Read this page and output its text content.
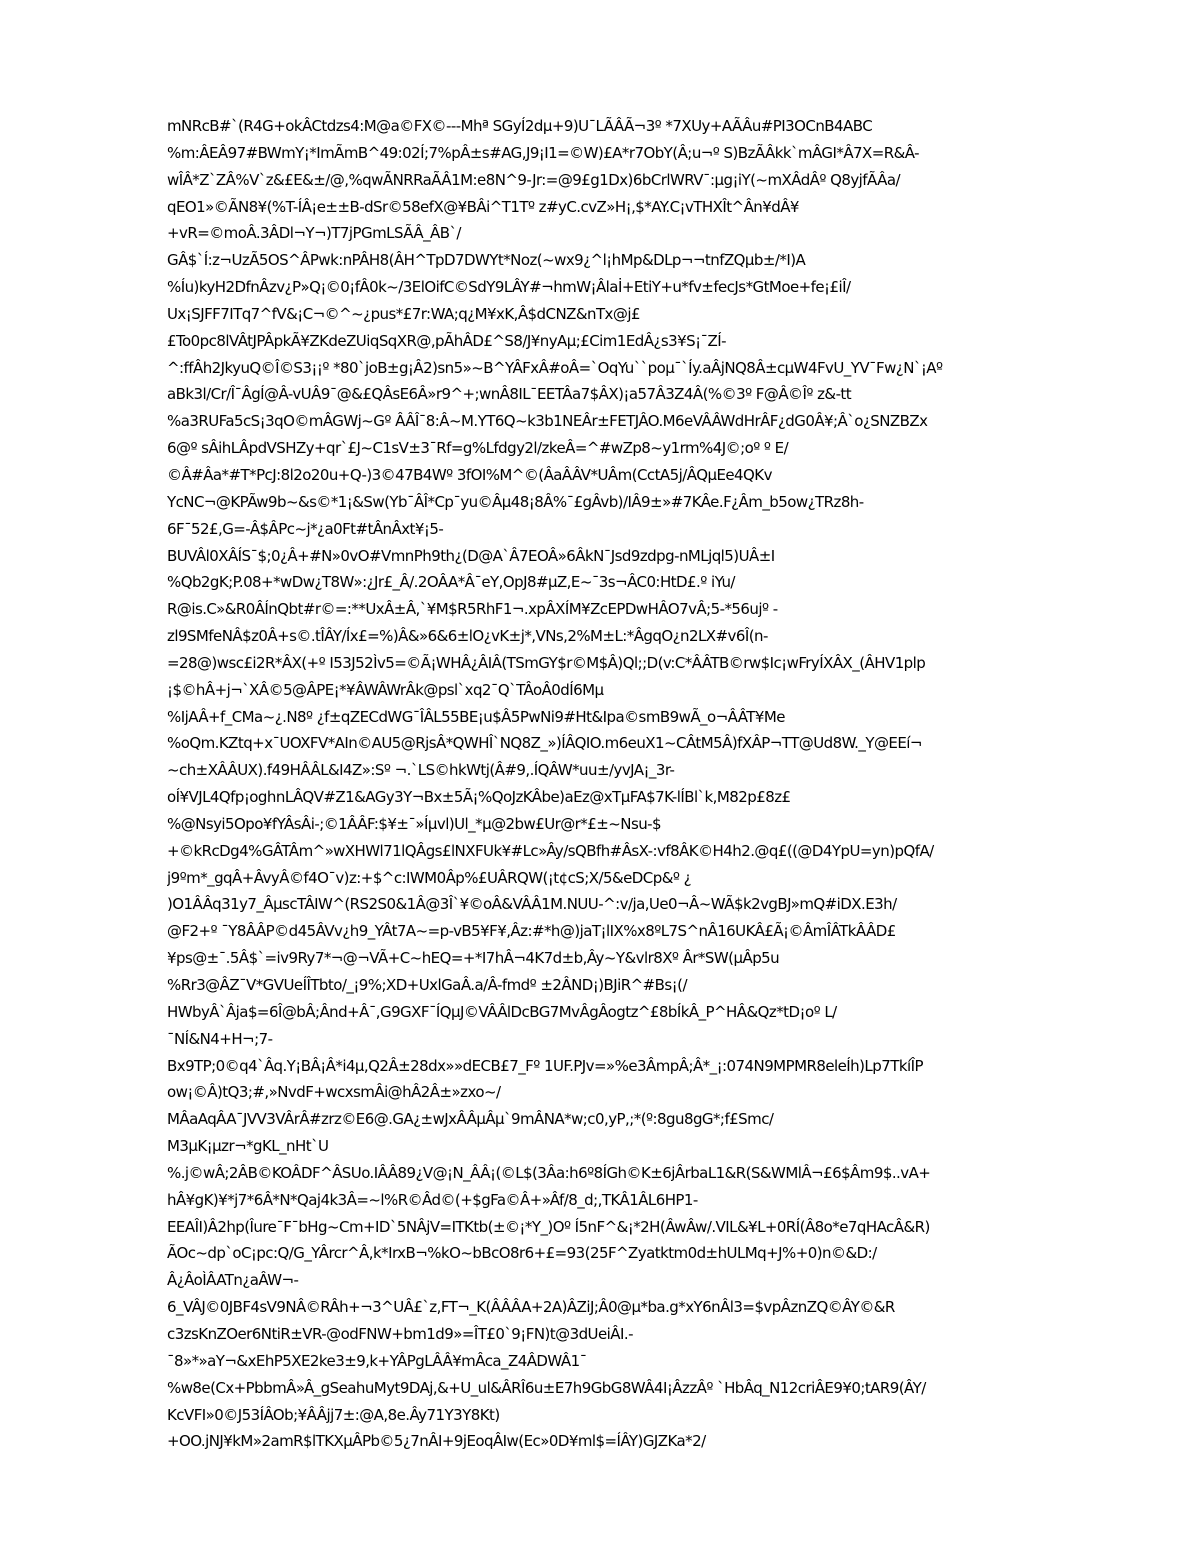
mNRcB#`(R4G+okÂCtdzs4:M@a©FX©---Mhª SGyÍ2dµ+9)U¯LÃÂÃ¬3º *7XUy+AÃÂu#PI3OCnB4ABC
%m:ÂEÂ97#BWmY¡*ImÃmB^49:02Í;7%pÂ±s#AG,J9¡I1=©W)£A*r7ObY(Â;u¬º S)BzÃÂkk`mÂGI*Â7X=R&Â-
wÎÂ*Z`ZÂ%V`z&£E&±/@,%qwÃNRRaÃÂ1M:e8N^9-Jr:=@9£g1Dx)6bCrlWRV¯:µg¡iY(~mXÂdÂº Q8yjfÃÂa/
qEO1»©ÃN8¥(%T-ÍÂ¡e±±B-dSr©58efX@¥BÂi^T1Tº z#yC.cvZ»H¡,$*AY.C¡vTHXÎt^Ân¥dÂ¥
+vR=©moÂ.3ÂDl¬Y¬)T7jPGmLSÃÂ_ÂB`/
GÂ$`Í:z¬UzÃ5OS^ÂPwk:nPÂH8(ÂH^TpD7DWYt*Noz(~wx9¿^l¡hMp&DLp¬¬tnfZQµb±/*I)A
%Íu)kyH2DfnÂzv¿P»Q¡©0¡fÂ0k~/3ElOifC©SdY9LÂY#¬hmW¡Âlaİ+EtiY+u*fv±fecJs*GtMoe+fe¡£iÎ/
Ux¡SJFF7ITq7^fV&¡C¬©^~¿pus*£7r:WA;q¿M¥xK,Â$dCNZ&nTx@j£
£To0pc8lVÂtJPÂpkÃ¥ZKdeZUiqSqXR@,pÃhÂD£^S8/J¥nyAµ;£Cim1EdÂ¿s3¥S¡¯ZÍ-
^:ffÂh2JkyuQ©Î©S3¡¡º *80`joB±g¡Â2)sn5»~B^YÂFxÂ#oÂ=`OqYu``poµ¯`Íy.aÂjNQ8Â±cµW4FvU_YV¯Fw¿N`¡Aº
aBk3l/Cr/Î¯ÂgÍ@Â-vUÂ9¯@&£QÂsE6Â»r9^+;wnÂ8IL¯EETÂa7$ÂX)¡a57Â3Z4Â(%©3º F@Â©Îº z&-tt
%a3RUFa5cS¡3qO©mÂGWj~Gº ÂÂÎ¯8:Â~M.YT6Q~k3b1NEÂr±FETJÂO.M6eVÂÂWdHrÂF¿dG0Â¥;Â`o¿SNZBZx
6@º sÂihLÂpdVSHZy+qr`£J~C1sV±3¯Rf=g%Lfdgy2l/zkeÂ=^#wZp8~y1rm%4J©;oº º E/
©Â#Âa*#T*PcJ:8l2o20u+Q-)3©47B4Wº 3fOI%M^©(ÂaÂÂV*UÂm(CctA5j/ÂQµEe4QKv
YcNC¬@KPÃw9b~&s©*1¡&Sw(Yb¯ÂÎ*Cp¯yu©Âµ48¡8Â%¯£gÂvb)/IÂ9±»#7KÂe.F¿Âm_b5ow¿TRz8h-
6F¯52£,G=-Â$ÂPc~j*¿a0Ft#tÂnÂxt¥¡5-
BUVÂl0XÂÍS¯$;0¿Â+#N»0vO#VmnPh9th¿(D@A`Â7EOÂ»6ÂkN¯Jsd9zdpg-nMLjql5)UÂ±I
%Qb2gK;P.08+*wDw¿T8W»:¿Jr£_Â/.2OÂA*Â¯eY,OpJ8#µZ,E~¯3s¬ÂC0:HtD£.º iYu/
R@is.C»&R0ÂÍnQbt#r©=:**UxÂ±Â,`¥M$R5RhF1¬.xpÂXÍM¥ZcEPDwHÂO7vÂ;5-*56ujº -
zl9SMfeNÂ$z0Â+s©.tÎÂY/Íx£=%)Â&»6&6±lO¿vK±j*,VNs,2%M±L:*ÂgqO¿n2LX#v6Î(n-
=28@)wsc£i2R*ÂX(+º I53J52Ìv5=©Ã¡WHÂ¿ÂIÂ(TSmGY$r©M$Â)Ql;;D(v:C*ÂÂTB©rw$Ic¡wFryÍXÂX_(ÂHV1plp
¡$©hÂ+j¬`XÂ©5@ÂPE¡*¥ÂWÂWrÂk@psl`xq2¯Q`TÂoÂ0dÍ6Mµ
%IjAÂ+f_CMa~¿.N8º ¿f±qZECdWG¯ÎÂL55BE¡u$Â5PwNi9#Ht&Ipa©smB9wÃ_o¬ÂÂT¥Me
%oQm.KZtq+x¯UOXFV*AIn©AU5@RjsÂ*QWHÎ`NQ8Z_»)ÍÂQIO.m6euX1~CÂtM5Â)fXÂP¬TT@Ud8W._Y@EEí¬
~ch±XÂÂUX).f49HÂÂL&I4Z»:Sº ¬.`LS©hkWtj(Â#9,.ÍQÂW*uu±/yvJA¡_3r-
oÍ¥VJL4Qfp¡oghnLÂQV#Z1&AGy3Y¬Bx±5Ã¡%QoJzKÂbe)aEz@xTµFA$7K-lÍBl`k,M82p£8z£
%@Nsyi5Opo¥fYÂsÂi-;©1ÂÂF:$¥±¯»Íµvl)Ul_*µ@2bw£Ur@r*£±~Nsu-$
+©kRcDg4%GÂTÂm^»wXHWl71lQÂgs£lNXFUk¥#Lc»Ây/sQBfh#ÂsX-:vf8ÂK©H4h2.@q£((@D4YpU=yn)pQfA/
j9ºm*_gqÂ+ÂvyÂ©f4O¯v)z:+$^c:IWM0Âp%£UÂRQW(¡t¢cS;X/5&eDCp&º ¿
)O1ÂÂq31y7_ÂµscTÂIW^(RS2S0&1Â@3Î`¥©oÂ&VÂÂ1M.NUU-^:v/ja,Ue0¬Â~WÃ$k2vgBJ»mQ#iDX.E3h/
@F2+º ¯Y8ÂÂP©d45ÂVv¿h9_YÂt7A~=p-vB5¥F¥,Âz:#*h@)jaT¡lIX%x8ºL7S^nÂ16UKÂ£Ã¡©ÂmÎÂTkÂÂD£
¥ps@±¯.5Â$`=iv9Ry7*¬@¬VÃ+C~hEQ=+*I7hÂ¬4K7d±b,Ây~Y&vlr8Xº Âr*SW(µÂp5u
%Rr3@ÂZ¯V*GVUeÍÎTbto/_¡9%;XD+UxlGaÂ.a/Â-fmdº ±2ÂND¡)BJiR^#Bs¡(/
HWbyÂ`Âja$=6Î@bÂ;Ând+Â¯,G9GXF¯ÍQµJ©VÂÂlDcBG7MvÂgÂogtz^£8bÍkÂ_P^HÂ&Qz*tD¡oº L/
¯NÍ&N4+H¬;7-
Bx9TP;0©q4`Âq.Y¡BÂ¡Â*i4µ,Q2Â±28dx»»dECB£7_Fº 1UF.PJv=»%e3ÂmpÂ;Â*_¡:074N9MPMR8eleÍh)Lp7TkíÎP
ow¡©Â)tQ3;#,»NvdF+wcxsmÂi@hÂ2Â±»zxo~/
MÂaAqÂA¯JVV3VÂrÂ#zrz©E6@.GA¿±wJxÂÂµÂµ`9mÂNA*w;c0,yP,;*(º:8gu8gG*;f£Smc/
M3µK¡µzr¬*gKL_nHt`U
%.j©wÂ;2ÂB©KOÂDF^ÂSUo.IÂÂ89¿V@¡N_ÂÂ¡(©L$(3Âa:h6º8ÍGh©K±6jÂrbaL1&R(S&WMlÂ¬£6$Âm9$..vA+
hÂ¥gK)¥*j7*6Â*N*Qaj4k3Â=~l%R©Âd©(+$gFa©Â+»Âf/8_d;,TKÂ1ÂL6HP1-
EEAÎI)Â2hp(Îure¯F¯bHg~Cm+ID`5NÂjV=ITKtb(±©¡*Y_)Oº Í5nF^&¡*2H(ÂwÂw/.VIL&¥L+0RÍ(Â8o*e7qHAcÂ&R)
ÃOc~dp`oC¡pc:Q/G_YÂrcr^Â,k*IrxB¬%kO~bBcO8r6+£=93(25F^Zyatktm0d±hULMq+J%+0)n©&D:/
Â¿ÂoÌÂATn¿aÂW¬-
6_VÂJ©0JBF4sV9NÂ©RÂh+¬3^UÂ£`z,FT¬_K(ÂÂÂA+2A)ÂZiJ;Â0@µ*ba.g*xY6nÂl3=$vpÂznZQ©ÂY©&R
c3zsKnZOer6NtiR±VR-@odFNW+bm1d9»=ÎT£0`9¡FN)t@3dUeiÂI.-
¯8»*»aY¬&xEhP5XE2ke3±9,k+YÂPgLÂÂ¥mÂca_Z4ÂDWÂ1¯
%w8e(Cx+PbbmÂ»Â_gSeahuMyt9DAj,&+U_ul&ÂRÎ6u±E7h9GbG8WÂ4I¡ÂzzÂº `HbÂq_N12criÂE9¥0;tAR9(ÂY/
KcVFI»0©J53ÍÂOb;¥ÂÂjj7±:@A,8e.Ây71Y3Y8Kt)
+OO.jNJ¥kM»2amR$lTKXµÂPb©5¿7nÂI+9jEoqÂIw(Ec»0D¥ml$=ÍÂY)GJZKa*2/
